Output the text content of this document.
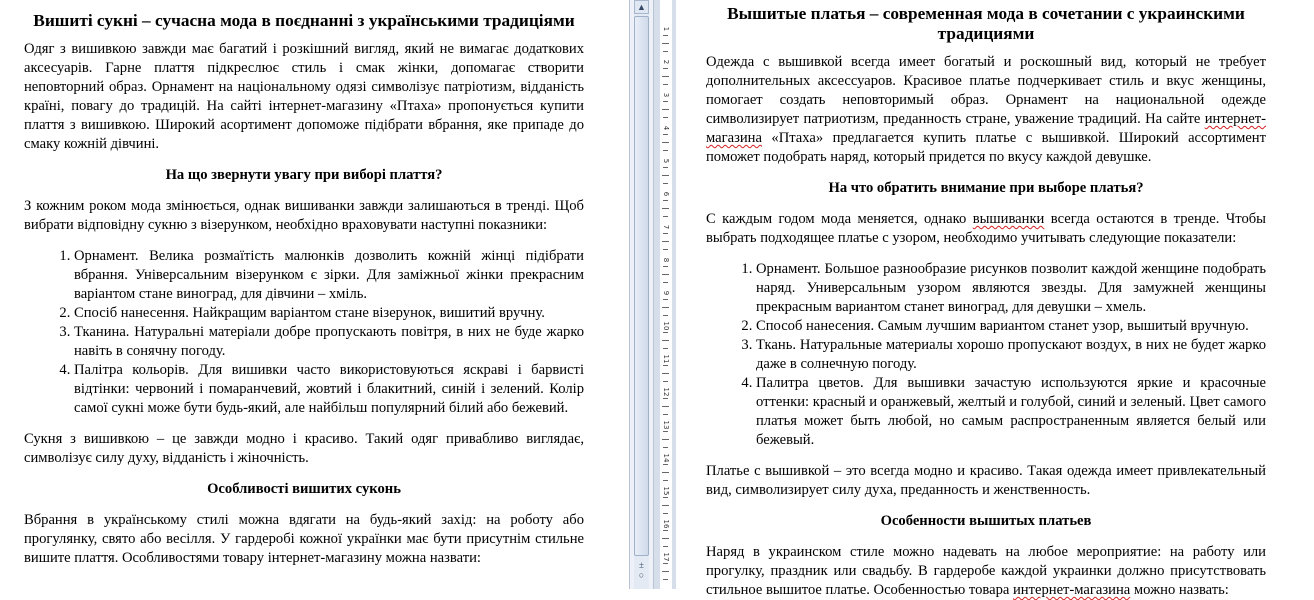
Вишиті сукні – сучасна мода в поєднанні з українськими традиціями

Одяг з вишивкою завжди має багатий і розкішний вигляд, який не вимагає додаткових аксесуарів. Гарне плаття підкреслює стиль і смак жінки, допомагає створити неповторний образ. Орнамент на національному одязі символізує патріотизм, відданість країні, повагу до традицій. На сайті інтернет-магазину «Птаха» пропонується купити плаття з вишивкою. Широкий асортимент допоможе підібрати вбрання, яке припаде до смаку кожній дівчині.

На що звернути увагу при виборі плаття?

З кожним роком мода змінюється, однак вишиванки завжди залишаються в тренді. Щоб вибрати відповідну сукню з візерунком, необхідно враховувати наступні показники:

1. Орнамент. Велика розмаїтість малюнків дозволить кожній жінці підібрати вбрання. Універсальним візерунком є зірки. Для заміжньої жінки прекрасним варіантом стане виноград, для дівчини – хміль.
2. Спосіб нанесення. Найкращим варіантом стане візерунок, вишитий вручну.
3. Тканина. Натуральні матеріали добре пропускають повітря, в них не буде жарко навіть в сонячну погоду.
4. Палітра кольорів. Для вишивки часто використовуються яскраві і барвисті відтінки: червоний і помаранчевий, жовтий і блакитний, синій і зелений. Колір самої сукні може бути будь-який, але найбільш популярний білий або бежевий.

Сукня з вишивкою – це завжди модно і красиво. Такий одяг привабливо виглядає, символізує силу духу, відданість і жіночність.

Особливості вишитих суконь

Вбрання в українському стилі можна вдягати на будь-який захід: на роботу або прогулянку, свято або весілля. У гардеробі кожної українки має бути присутнім стильне вишите плаття. Особливостями товару інтернет-магазину можна назвати:

▲
±
○
1
2
3
4
5
6
7
8
9
10
11
12
13
14
15
16
17
Вышитые платья – современная мода в сочетании с украинскими традициями

Одежда с вышивкой всегда имеет богатый и роскошный вид, который не требует дополнительных аксессуаров. Красивое платье подчеркивает стиль и вкус женщины, помогает создать неповторимый образ. Орнамент на национальной одежде символизирует патриотизм, преданность стране, уважение традиций. На сайте интернет-магазина «Птаха» предлагается купить платье с вышивкой. Широкий ассортимент поможет подобрать наряд, который придется по вкусу каждой девушке.

На что обратить внимание при выборе платья?

С каждым годом мода меняется, однако вышиванки всегда остаются в тренде. Чтобы выбрать подходящее платье с узором, необходимо учитывать следующие показатели:

1. Орнамент. Большое разнообразие рисунков позволит каждой женщине подобрать наряд. Универсальным узором являются звезды. Для замужней женщины прекрасным вариантом станет виноград, для девушки – хмель.
2. Способ нанесения. Самым лучшим вариантом станет узор, вышитый вручную.
3. Ткань. Натуральные материалы хорошо пропускают воздух, в них не будет жарко даже в солнечную погоду.
4. Палитра цветов. Для вышивки зачастую используются яркие и красочные оттенки: красный и оранжевый, желтый и голубой, синий и зеленый. Цвет самого платья может быть любой, но самым распространенным является белый или бежевый.

Платье с вышивкой – это всегда модно и красиво. Такая одежда имеет привлекательный вид, символизирует силу духа, преданность и женственность.

Особенности вышитых платьев

Наряд в украинском стиле можно надевать на любое мероприятие: на работу или прогулку, праздник или свадьбу. В гардеробе каждой украинки должно присутствовать стильное вышитое платье. Особенностью товара интернет-магазина можно назвать:
